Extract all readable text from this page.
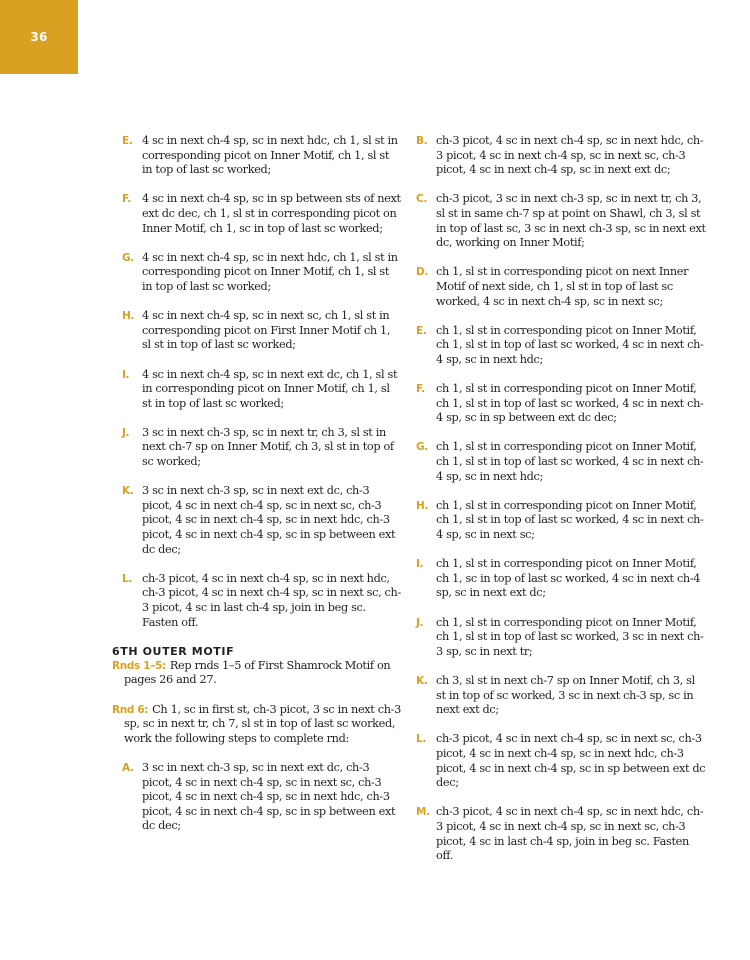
36
E. 4 sc in next ch-4 sp, sc in next hdc, ch 1, sl st in corresponding picot on Inner Motif, ch 1, sl st in top of last sc worked;
F. 4 sc in next ch-4 sp, sc in sp between sts of next ext dc dec, ch 1, sl st in corresponding picot on Inner Motif, ch 1, sc in top of last sc worked;
G. 4 sc in next ch-4 sp, sc in next hdc, ch 1, sl st in corresponding picot on Inner Motif, ch 1, sl st in top of last sc worked;
H. 4 sc in next ch-4 sp, sc in next sc, ch 1, sl st in corresponding picot on First Inner Motif ch 1, sl st in top of last sc worked;
I. 4 sc in next ch-4 sp, sc in next ext dc, ch 1, sl st in corresponding picot on Inner Motif, ch 1, sl st in top of last sc worked;
J. 3 sc in next ch-3 sp, sc in next tr, ch 3, sl st in next ch-7 sp on Inner Motif, ch 3, sl st in top of sc worked;
K. 3 sc in next ch-3 sp, sc in next ext dc, ch-3 picot, 4 sc in next ch-4 sp, sc in next sc, ch-3 picot, 4 sc in next ch-4 sp, sc in next hdc, ch-3 picot, 4 sc in next ch-4 sp, sc in sp between ext dc dec;
L. ch-3 picot, 4 sc in next ch-4 sp, sc in next hdc, ch-3 picot, 4 sc in next ch-4 sp, sc in next sc, ch-3 picot, 4 sc in last ch-4 sp, join in beg sc. Fasten off.
6TH OUTER MOTIF

Rnds 1–5: Rep rnds 1–5 of First Shamrock Motif on pages 26 and 27.

Rnd 6: Ch 1, sc in first st, ch-3 picot, 3 sc in next ch-3 sp, sc in next tr, ch 7, sl st in top of last sc worked, work the following steps to complete rnd:

A. 3 sc in next ch-3 sp, sc in next ext dc, ch-3 picot, 4 sc in next ch-4 sp, sc in next sc, ch-3 picot, 4 sc in next ch-4 sp, sc in next hdc, ch-3 picot, 4 sc in next ch-4 sp, sc in sp between ext dc dec;
B. ch-3 picot, 4 sc in next ch-4 sp, sc in next hdc, ch-3 picot, 4 sc in next ch-4 sp, sc in next sc, ch-3 picot, 4 sc in next ch-4 sp, sc in next ext dc;
C. ch-3 picot, 3 sc in next ch-3 sp, sc in next tr, ch 3, sl st in same ch-7 sp at point on Shawl, ch 3, sl st in top of last sc, 3 sc in next ch-3 sp, sc in next ext dc, working on Inner Motif;
D. ch 1, sl st in corresponding picot on next Inner Motif of next side, ch 1, sl st in top of last sc worked, 4 sc in next ch-4 sp, sc in next sc;
E. ch 1, sl st in corresponding picot on Inner Motif, ch 1, sl st in top of last sc worked, 4 sc in next ch-4 sp, sc in next hdc;
F. ch 1, sl st in corresponding picot on Inner Motif, ch 1, sl st in top of last sc worked, 4 sc in next ch-4 sp, sc in sp between ext dc dec;
G. ch 1, sl st in corresponding picot on Inner Motif, ch 1, sl st in top of last sc worked, 4 sc in next ch-4 sp, sc in next hdc;
H. ch 1, sl st in corresponding picot on Inner Motif, ch 1, sl st in top of last sc worked, 4 sc in next ch-4 sp, sc in next sc;
I. ch 1, sl st in corresponding picot on Inner Motif, ch 1, sc in top of last sc worked, 4 sc in next ch-4 sp, sc in next ext dc;
J. ch 1, sl st in corresponding picot on Inner Motif, ch 1, sl st in top of last sc worked, 3 sc in next ch-3 sp, sc in next tr;
K. ch 3, sl st in next ch-7 sp on Inner Motif, ch 3, sl st in top of sc worked, 3 sc in next ch-3 sp, sc in next ext dc;
L. ch-3 picot, 4 sc in next ch-4 sp, sc in next sc, ch-3 picot, 4 sc in next ch-4 sp, sc in next hdc, ch-3 picot, 4 sc in next ch-4 sp, sc in sp between ext dc dec;
M. ch-3 picot, 4 sc in next ch-4 sp, sc in next hdc, ch-3 picot, 4 sc in next ch-4 sp, sc in next sc, ch-3 picot, 4 sc in last ch-4 sp, join in beg sc. Fasten off.
